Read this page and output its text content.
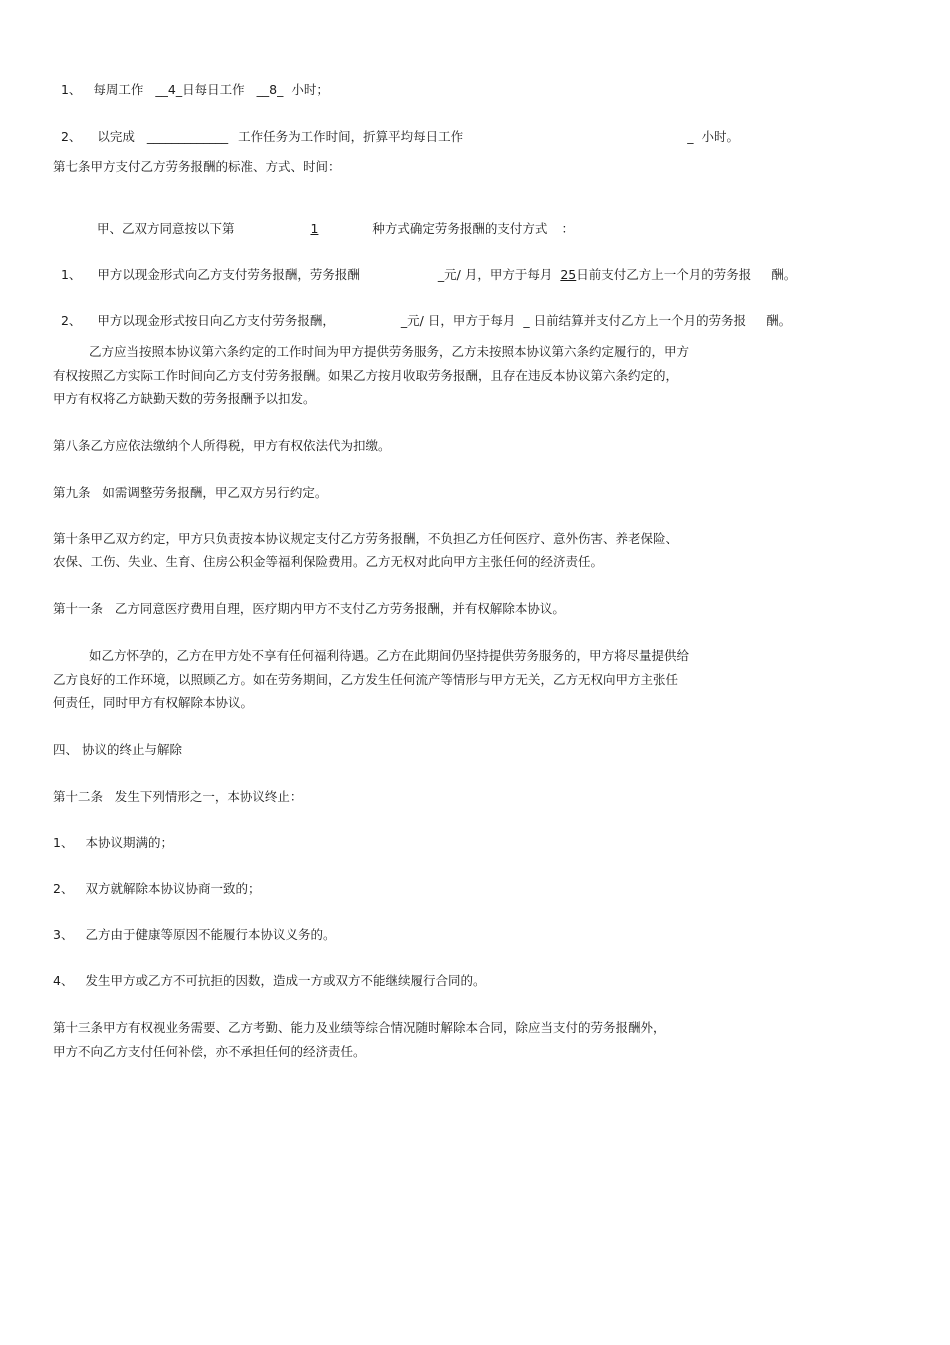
1、 每周工作 __4_日每日工作 __8_ 小时；

2、 以完成 _____________ 工作任务为工作时间，折算平均每日工作	_ 小时。

第七条甲方支付乙方劳务报酬的标准、方式、时间：

甲、乙双方同意按以下第	1	种方式确定劳务报酬的支付方式 ：

1、 甲方以现金形式向乙方支付劳务报酬，劳务报酬	_元/ 月，甲方于每月 25日前支付乙方上一个月的劳务报 酬。

2、 甲方以现金形式按日向乙方支付劳务报酬，	_元/ 日，甲方于每月 _ 日前结算并支付乙方上一个月的劳务报 酬。

乙方应当按照本协议第六条约定的工作时间为甲方提供劳务服务，乙方未按照本协议第六条约定履行的，甲方
有权按照乙方实际工作时间向乙方支付劳务报酬。如果乙方按月收取劳务报酬，且存在违反本协议第六条约定的，
甲方有权将乙方缺勤天数的劳务报酬予以扣发。
第八条乙方应依法缴纳个人所得税，甲方有权依法代为扣缴。
第九条   如需调整劳务报酬，甲乙双方另行约定。
第十条甲乙双方约定，甲方只负责按本协议规定支付乙方劳务报酬，不负担乙方任何医疗、意外伤害、养老保险、
农保、工伤、失业、生育、住房公积金等福利保险费用。乙方无权对此向甲方主张任何的经济责任。
第十一条   乙方同意医疗费用自理，医疗期内甲方不支付乙方劳务报酬，并有权解除本协议。
如乙方怀孕的，乙方在甲方处不享有任何福利待遇。乙方在此期间仍坚持提供劳务服务的，甲方将尽量提供给
乙方良好的工作环境，以照顾乙方。如在劳务期间，乙方发生任何流产等情形与甲方无关，乙方无权向甲方主张任
何责任，同时甲方有权解除本协议。
四、 协议的终止与解除
第十二条   发生下列情形之一，本协议终止：
1、 本协议期满的；
2、 双方就解除本协议协商一致的；
3、 乙方由于健康等原因不能履行本协议义务的。
4、 发生甲方或乙方不可抗拒的因数，造成一方或双方不能继续履行合同的。
第十三条甲方有权视业务需要、乙方考勤、能力及业绩等综合情况随时解除本合同，除应当支付的劳务报酬外，
甲方不向乙方支付任何补偿，亦不承担任何的经济责任。
